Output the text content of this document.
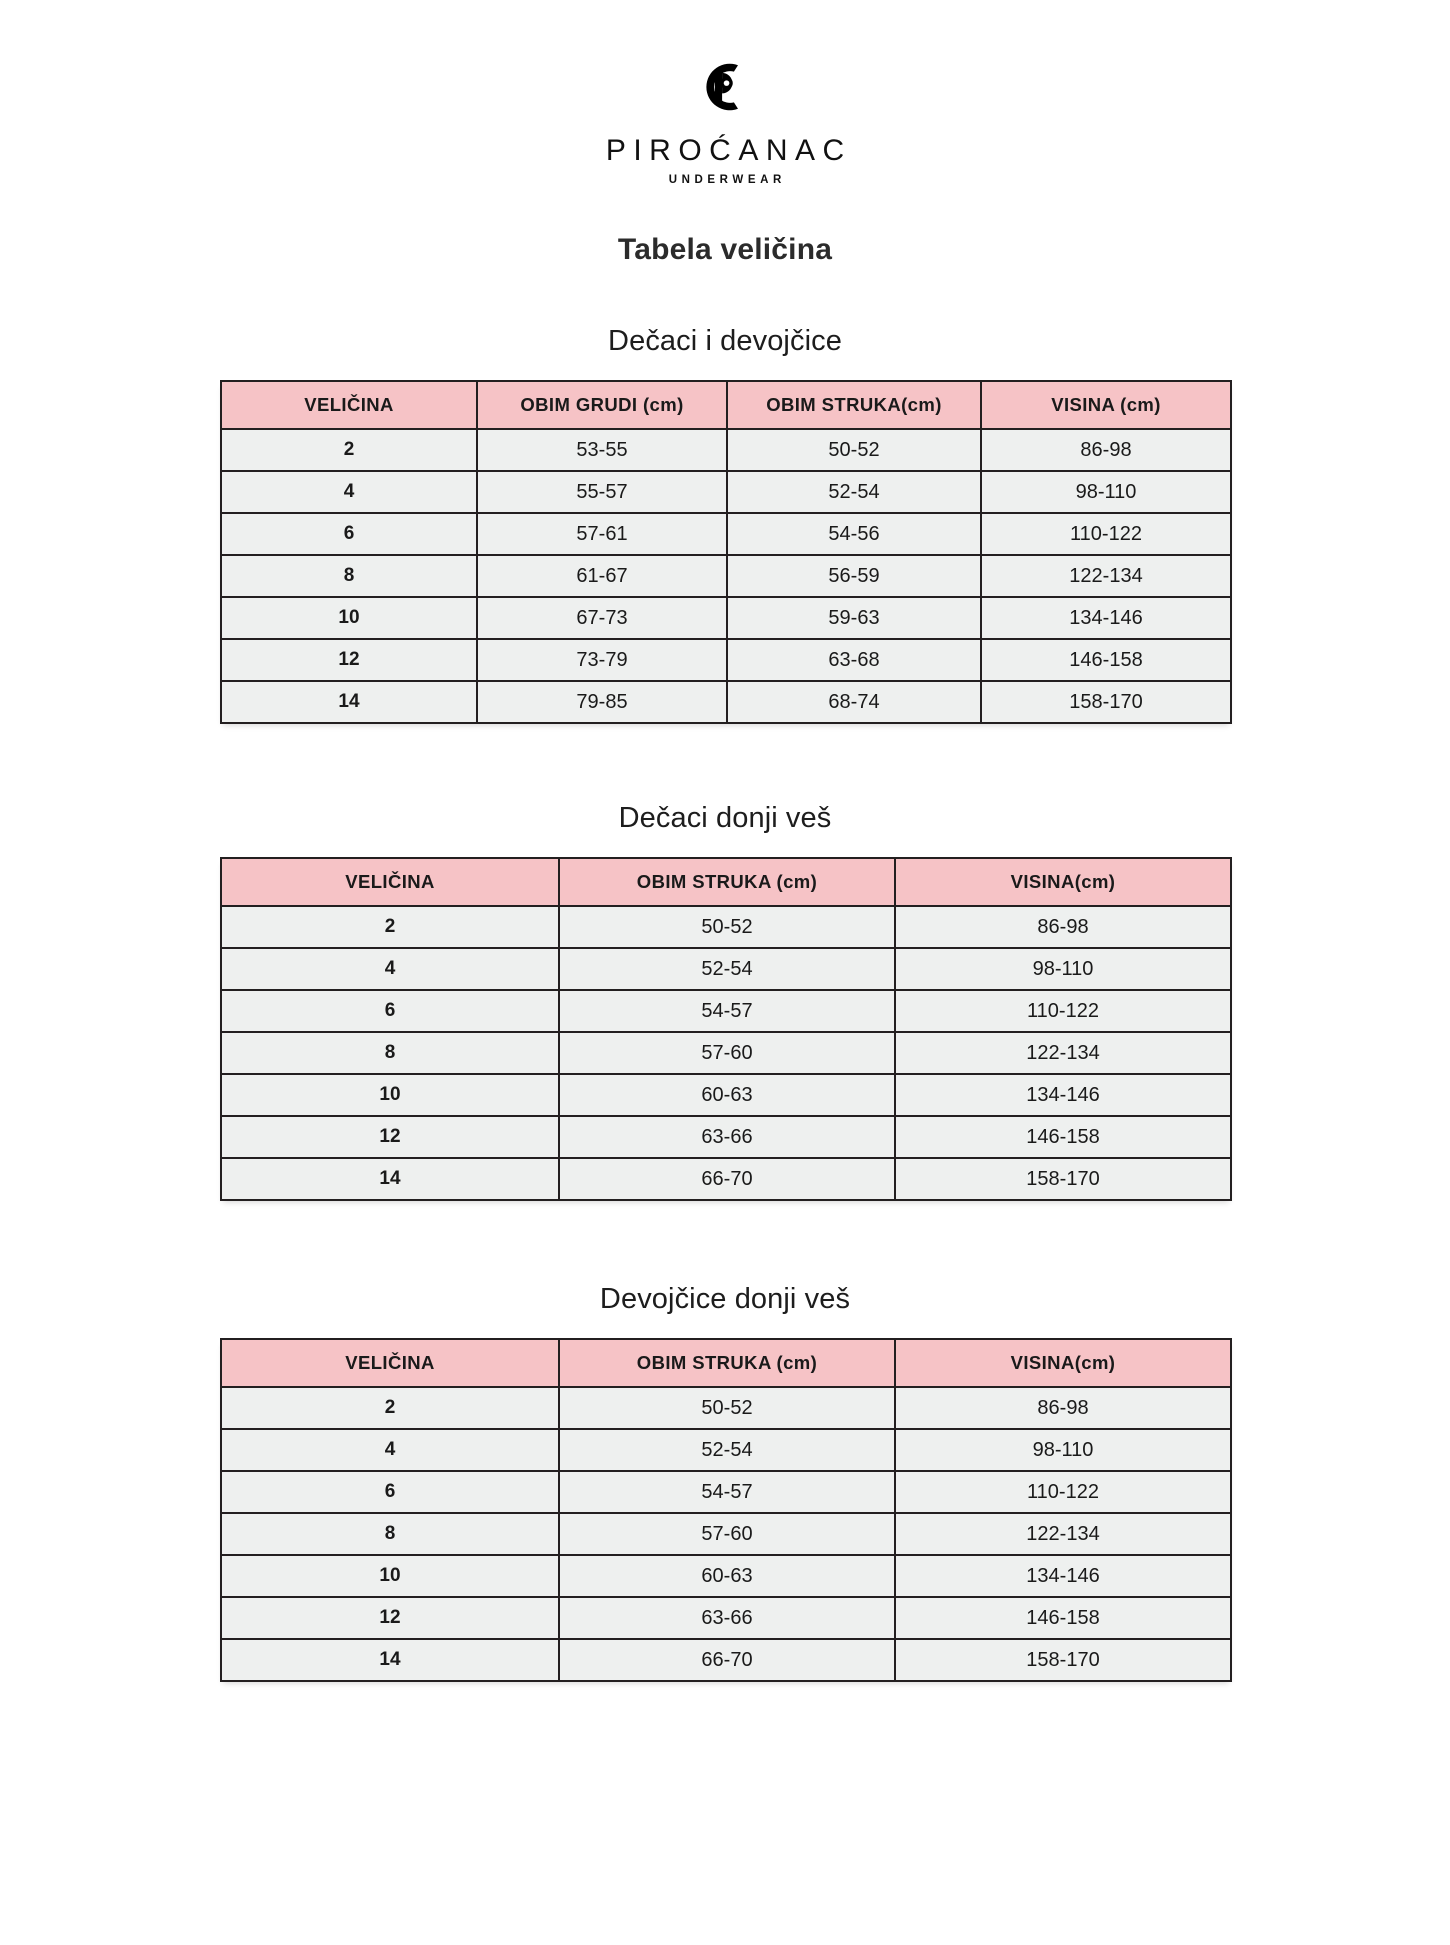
PIROĆANAC
UNDERWEAR
Tabela veličina
Dečaci i devojčice
VELIČINA	OBIM GRUDI (cm)	OBIM STRUKA(cm)	VISINA (cm)
2	53-55	50-52	86-98
4	55-57	52-54	98-110
6	57-61	54-56	110-122
8	61-67	56-59	122-134
10	67-73	59-63	134-146
12	73-79	63-68	146-158
14	79-85	68-74	158-170
Dečaci donji veš
VELIČINA	OBIM STRUKA (cm)	VISINA(cm)
2	50-52	86-98
4	52-54	98-110
6	54-57	110-122
8	57-60	122-134
10	60-63	134-146
12	63-66	146-158
14	66-70	158-170
Devojčice donji veš
VELIČINA	OBIM STRUKA (cm)	VISINA(cm)
2	50-52	86-98
4	52-54	98-110
6	54-57	110-122
8	57-60	122-134
10	60-63	134-146
12	63-66	146-158
14	66-70	158-170
